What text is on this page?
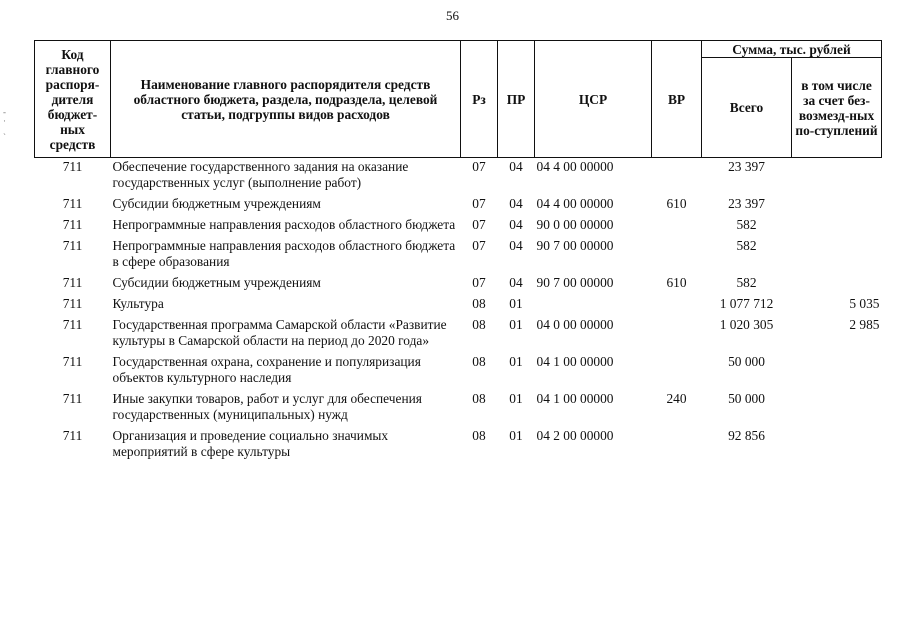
56
-
·
ˎ
Код главного распоря-дителя бюджет-ных средств	Наименование главного распорядителя средств областного бюджета, раздела, подраздела, целевой статьи, подгруппы видов расходов	Рз	ПР	ЦСР	ВР	Сумма, тыс. рублей	
						Всего	в том числе за счет без-возмезд-ных по-ступлений
711	Обеспечение государственного задания на оказание государственных услуг (выполнение работ)	07	04	04 4 00 00000		23 397	
711	Субсидии бюджетным учреждениям	07	04	04 4 00 00000	610	23 397	
711	Непрограммные направления расходов областного бюджета	07	04	90 0 00 00000		582	
711	Непрограммные направления расходов областного бюджета в сфере образования	07	04	90 7 00 00000		582	
711	Субсидии бюджетным учреждениям	07	04	90 7 00 00000	610	582	
711	Культура	08	01			1 077 712	5 035
711	Государственная программа Самарской области «Развитие культуры в Самарской области на период до 2020 года»	08	01	04 0 00 00000		1 020 305	2 985
711	Государственная охрана, сохранение и популяризация объектов культурного наследия	08	01	04 1 00 00000		50 000	
711	Иные закупки товаров, работ и услуг для обеспечения государственных (муниципальных) нужд	08	01	04 1 00 00000	240	50 000	
711	Организация и проведение социально значимых мероприятий в сфере культуры	08	01	04 2 00 00000		92 856	
